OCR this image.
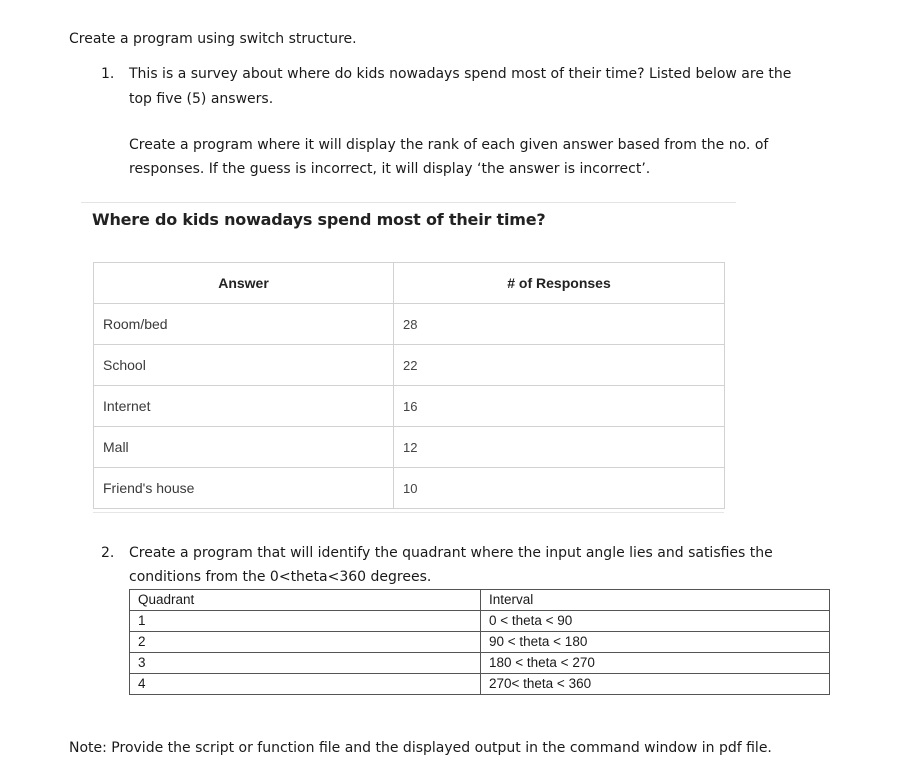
Create a program using switch structure.
1.	This is a survey about where do kids nowadays spend most of their time? Listed below are the
top five (5) answers.
Create a program where it will display the rank of each given answer based from the no. of
responses. If the guess is incorrect, it will display ‘the answer is incorrect’.
Where do kids nowadays spend most of their time?
Answer	# of Responses
Room/bed	28
School	22
Internet	16
Mall	12
Friend's house	10
2.	Create a program that will identify the quadrant where the input angle lies and satisfies the
conditions from the 0<theta<360 degrees.
Quadrant	Interval
1	0 < theta < 90
2	90 < theta < 180
3	180 < theta < 270
4	270< theta < 360
Note: Provide the script or function file and the displayed output in the command window in pdf file.
